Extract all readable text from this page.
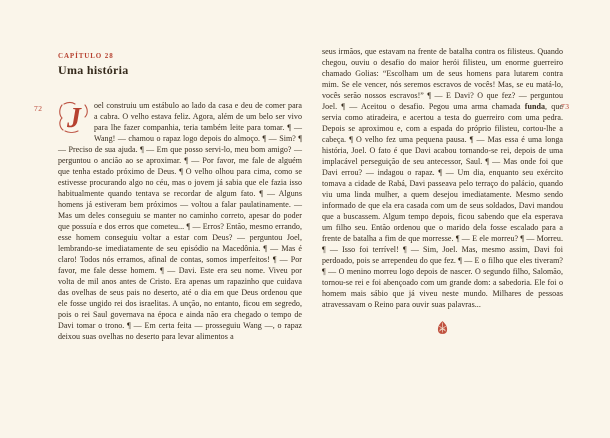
72
CAPÍTULO 28
Uma história
J oel construiu um estábulo ao lado da casa e deu de comer para a cabra. O velho estava feliz. Agora, além de um belo ser vivo para lhe fazer companhia, teria também leite para tomar. ¶ — Wang! — chamou o rapaz logo depois do almoço. ¶ — Sim? ¶ — Preciso de sua ajuda. ¶ — Em que posso servi-lo, meu bom amigo? — perguntou o ancião ao se aproximar. ¶ — Por favor, me fale de alguém que tenha estado próximo de Deus. ¶ O velho olhou para cima, como se estivesse procurando algo no céu, mas o jovem já sabia que ele fazia isso habitualmente quando tentava se recordar de algum fato. ¶ — Alguns homens já estiveram bem próximos — voltou a falar paulatinamente. — Mas um deles conseguiu se manter no caminho correto, apesar do poder que possuía e dos erros que cometeu... ¶ — Erros? Então, mesmo errando, esse homem conseguiu voltar a estar com Deus? — perguntou Joel, lembrando-se imediatamente de seu episódio na Macedônia. ¶ — Mas é claro! Todos nós erramos, afinal de contas, somos imperfeitos! ¶ — Por favor, me fale desse homem. ¶ — Davi. Este era seu nome. Viveu por volta de mil anos antes de Cristo. Era apenas um rapazinho que cuidava das ovelhas de seus pais no deserto, até o dia em que Deus ordenou que ele fosse ungido rei dos israelitas. A unção, no entanto, ficou em segredo, pois o rei Saul governava na época e ainda não era chegado o tempo de Davi tomar o trono. ¶ — Em certa feita — prosseguiu Wang —, o rapaz deixou suas ovelhas no deserto para levar alimentos a
73
seus irmãos, que estavam na frente de batalha contra os filisteus. Quando chegou, ouviu o desafio do maior herói filisteu, um enorme guerreiro chamado Golias: “Escolham um de seus homens para lutarem contra mim. Se ele vencer, nós seremos escravos de vocês! Mas, se eu matá-lo, vocês serão nossos escravos!” ¶ — E Davi? O que fez? — perguntou Joel. ¶ — Aceitou o desafio. Pegou uma arma chamada funda, que servia como atiradeira, e acertou a testa do guerreiro com uma pedra. Depois se aproximou e, com a espada do próprio filisteu, cortou-lhe a cabeça. ¶ O velho fez uma pequena pausa. ¶ — Mas essa é uma longa história, Joel. O fato é que Davi acabou tornando-se rei, depois de uma implacável perseguição de seu antecessor, Saul. ¶ — Mas onde foi que Davi errou? — indagou o rapaz. ¶ — Um dia, enquanto seu exército tomava a cidade de Rabá, Davi passeava pelo terraço do palácio, quando viu uma linda mulher, a quem desejou imediatamente. Mesmo sendo informado de que ela era casada com um de seus soldados, Davi mandou que a buscassem. Algum tempo depois, ficou sabendo que ela esperava um filho seu. Então ordenou que o marido dela fosse escalado para a frente de batalha a fim de que morresse. ¶ — E ele morreu? ¶ — Morreu. ¶ — Isso foi terrível! ¶ — Sim, Joel. Mas, mesmo assim, Davi foi perdoado, pois se arrependeu do que fez. ¶ — E o filho que eles tiveram? ¶ — O menino morreu logo depois de nascer. O segundo filho, Salomão, tornou-se rei e foi abençoado com um grande dom: a sabedoria. Ele foi o homem mais sábio que já viveu neste mundo. Milhares de pessoas atravessavam o Reino para ouvir suas palavras...
